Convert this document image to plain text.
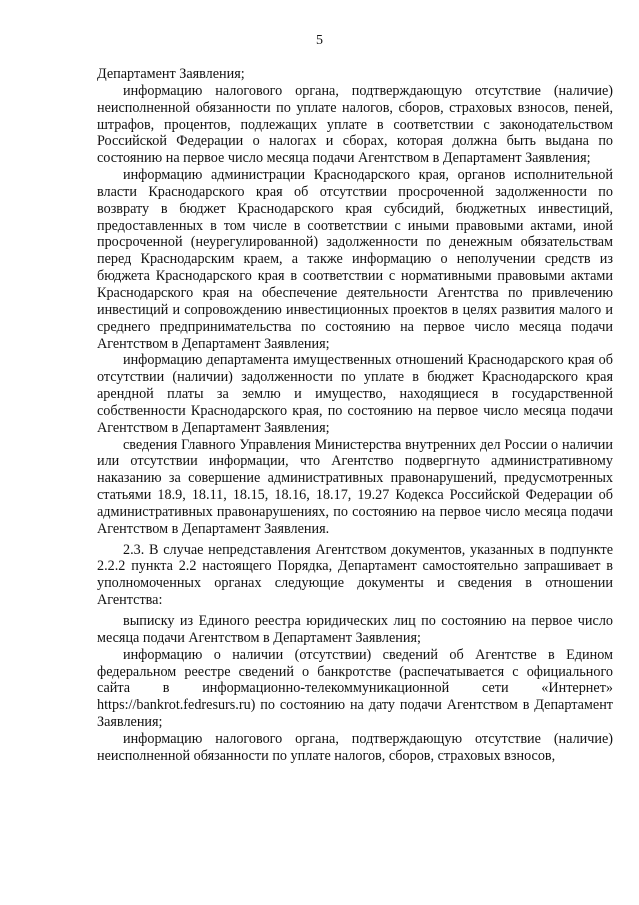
5

Департамент Заявления;

информацию налогового органа, подтверждающую отсутствие (наличие) неисполненной обязанности по уплате налогов, сборов, страховых взносов, пеней, штрафов, процентов, подлежащих уплате в соответствии с законодательством Российской Федерации о налогах и сборах, которая должна быть выдана по состоянию на первое число месяца подачи Агентством в Департамент Заявления;

информацию администрации Краснодарского края, органов исполнительной власти Краснодарского края об отсутствии просроченной задолженности по возврату в бюджет Краснодарского края субсидий, бюджетных инвестиций, предоставленных в том числе в соответствии с иными правовыми актами, иной просроченной (неурегулированной) задолженности по денежным обязательствам перед Краснодарским краем, а также информацию о неполучении средств из бюджета Краснодарского края в соответствии с нормативными правовыми актами Краснодарского края на обеспечение деятельности Агентства по привлечению инвестиций и сопровождению инвестиционных проектов в целях развития малого и среднего предпринимательства по состоянию на первое число месяца подачи Агентством в Департамент Заявления;

информацию департамента имущественных отношений Краснодарского края об отсутствии (наличии) задолженности по уплате в бюджет Краснодарского края арендной платы за землю и имущество, находящиеся в государственной собственности Краснодарского края, по состоянию на первое число месяца подачи Агентством в Департамент Заявления;

сведения Главного Управления Министерства внутренних дел России о наличии или отсутствии информации, что Агентство подвергнуто административному наказанию за совершение административных правонарушений, предусмотренных статьями 18.9, 18.11, 18.15, 18.16, 18.17, 19.27 Кодекса Российской Федерации об административных правонарушениях, по состоянию на первое число месяца подачи Агентством в Департамент Заявления.

2.3. В случае непредставления Агентством документов, указанных в подпункте 2.2.2 пункта 2.2 настоящего Порядка, Департамент самостоятельно запрашивает в уполномоченных органах следующие документы и сведения в отношении Агентства:

выписку из Единого реестра юридических лиц по состоянию на первое число месяца подачи Агентством в Департамент Заявления;

информацию о наличии (отсутствии) сведений об Агентстве в Едином федеральном реестре сведений о банкротстве (распечатывается с официального сайта в информационно-телекоммуникационной сети «Интернет» https://bankrot.fedresurs.ru) по состоянию на дату подачи Агентством в Департамент Заявления;

информацию налогового органа, подтверждающую отсутствие (наличие) неисполненной обязанности по уплате налогов, сборов, страховых взносов,
